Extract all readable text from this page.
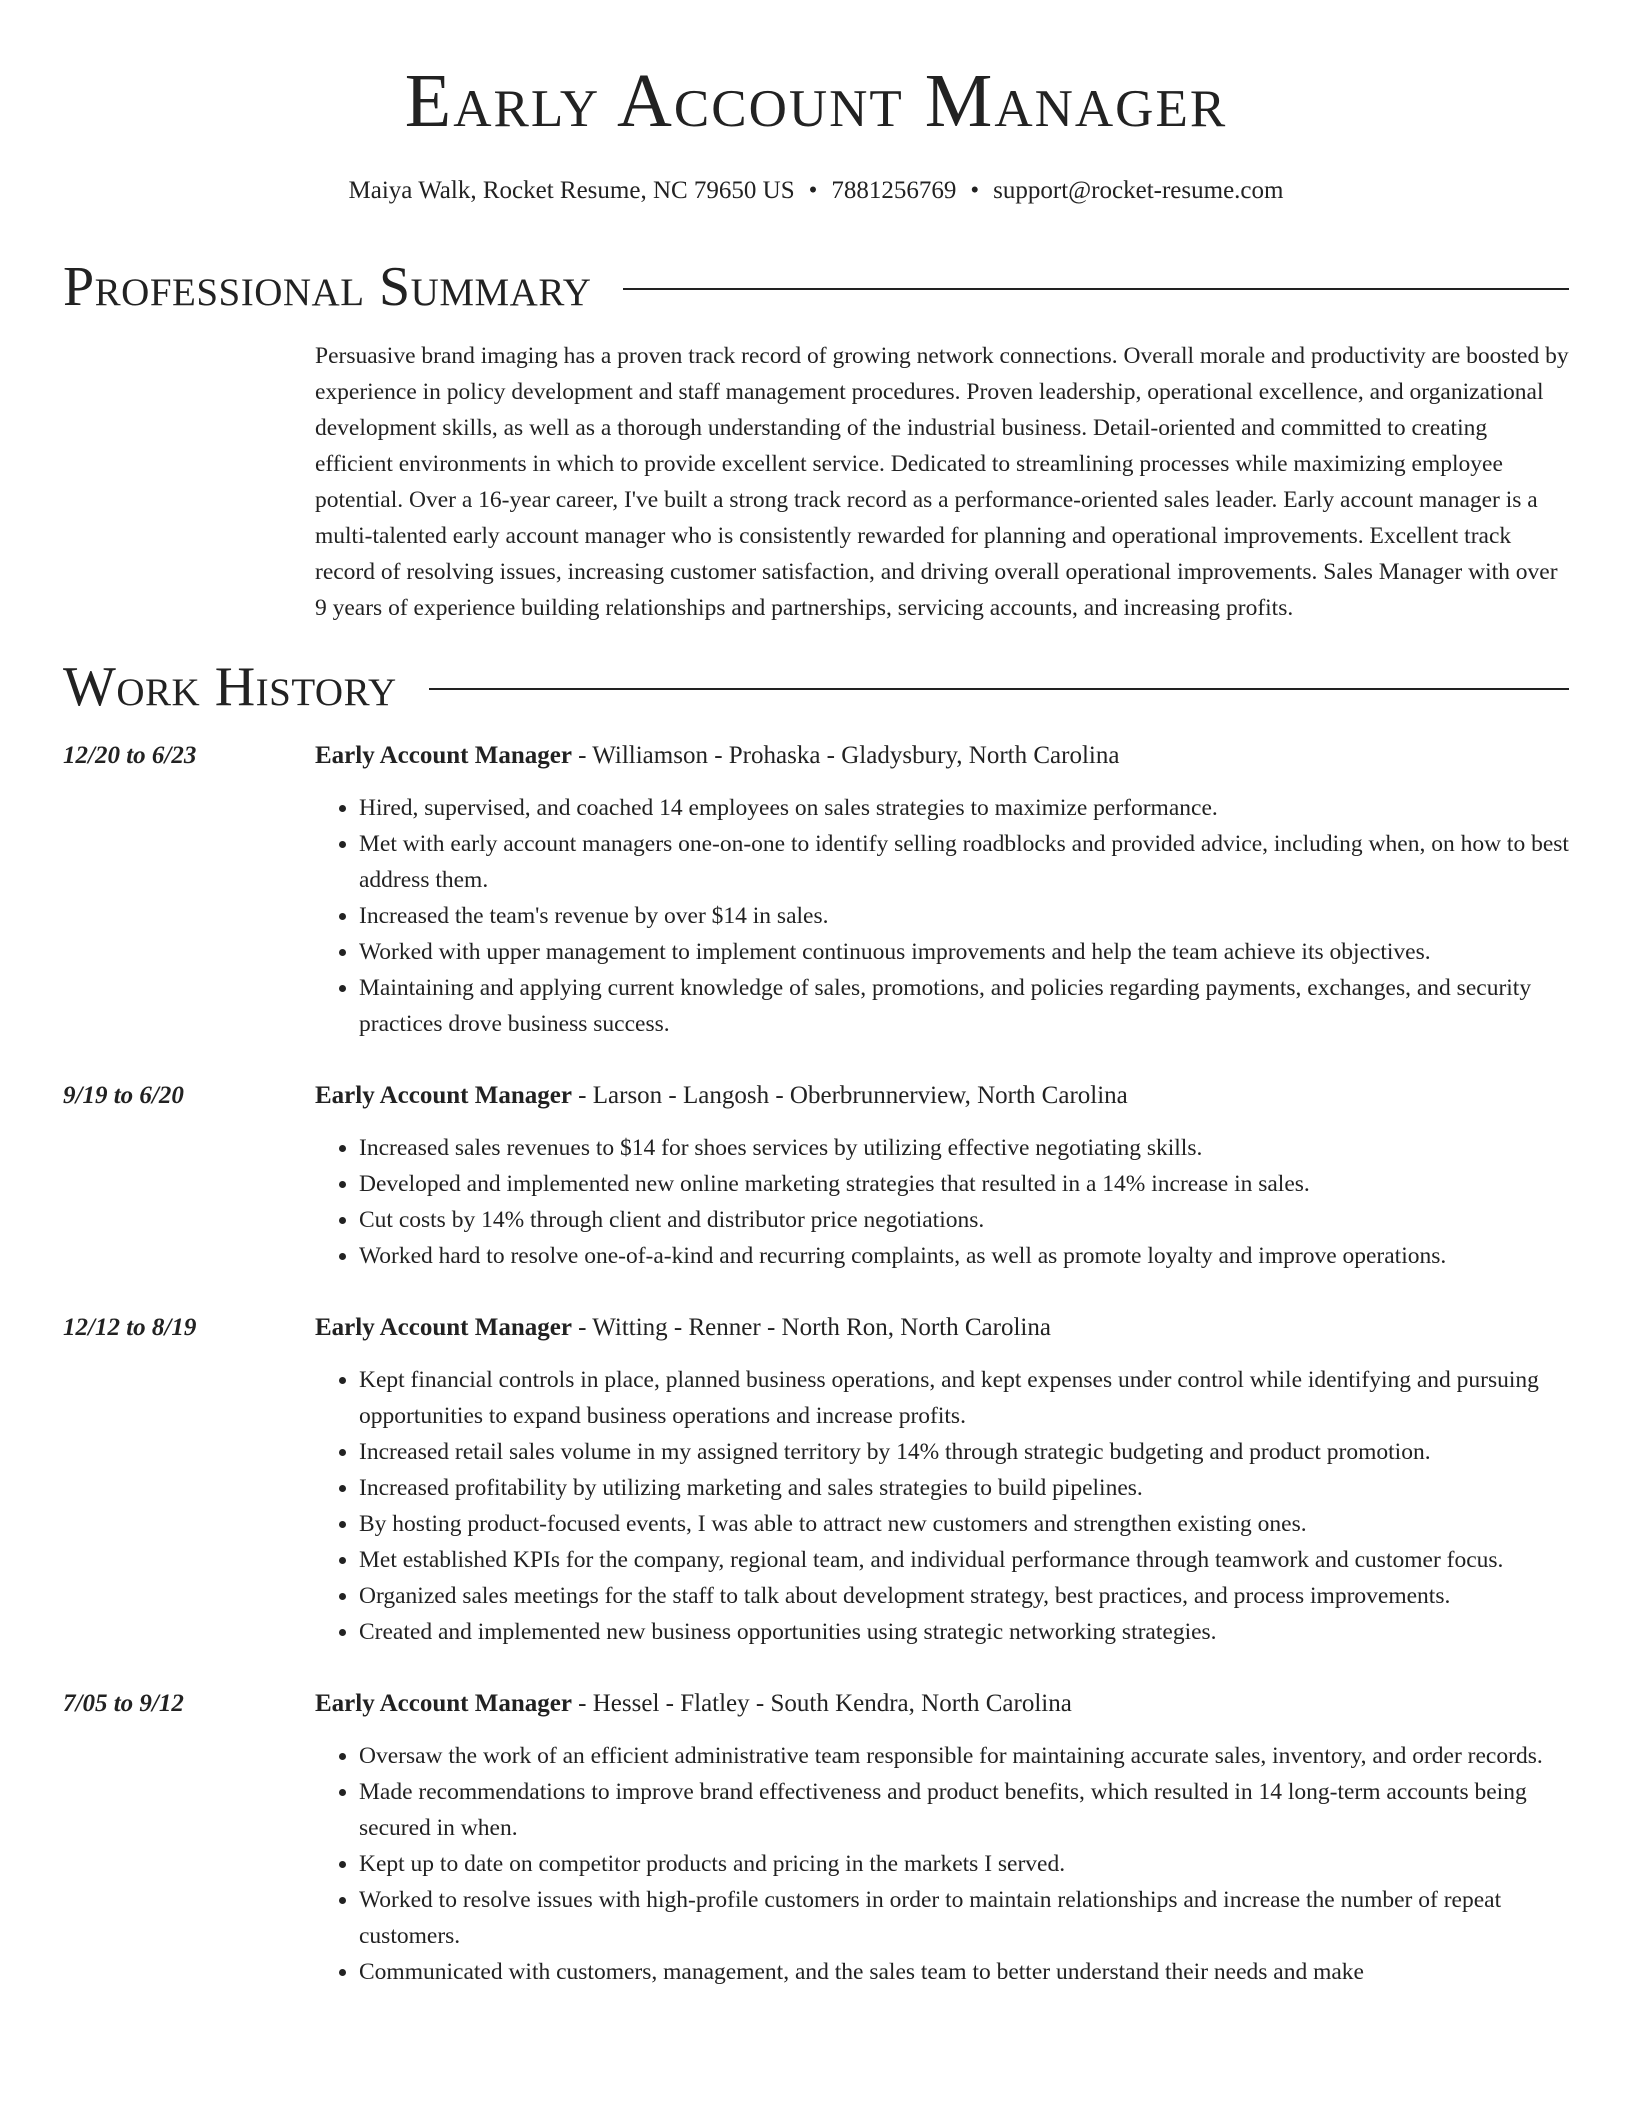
Early Account Manager
Maiya Walk, Rocket Resume, NC 79650 US • 7881256769 • support@rocket-resume.com
Professional Summary

Persuasive brand imaging has a proven track record of growing network connections. Overall morale and productivity are boosted by experience in policy development and staff management procedures. Proven leadership, operational excellence, and organizational development skills, as well as a thorough understanding of the industrial business. Detail-oriented and committed to creating efficient environments in which to provide excellent service. Dedicated to streamlining processes while maximizing employee potential. Over a 16-year career, I've built a strong track record as a performance-oriented sales leader. Early account manager is a multi-talented early account manager who is consistently rewarded for planning and operational improvements. Excellent track record of resolving issues, increasing customer satisfaction, and driving overall operational improvements. Sales Manager with over 9 years of experience building relationships and partnerships, servicing accounts, and increasing profits.

Work History
12/20 to 6/23	Early Account Manager - Williamson - Prohaska - Gladysbury, North Carolina
• Hired, supervised, and coached 14 employees on sales strategies to maximize performance.
• Met with early account managers one-on-one to identify selling roadblocks and provided advice, including when, on how to best address them.
• Increased the team's revenue by over $14 in sales.
• Worked with upper management to implement continuous improvements and help the team achieve its objectives.
• Maintaining and applying current knowledge of sales, promotions, and policies regarding payments, exchanges, and security practices drove business success.
9/19 to 6/20	Early Account Manager - Larson - Langosh - Oberbrunnerview, North Carolina
• Increased sales revenues to $14 for shoes services by utilizing effective negotiating skills.
• Developed and implemented new online marketing strategies that resulted in a 14% increase in sales.
• Cut costs by 14% through client and distributor price negotiations.
• Worked hard to resolve one-of-a-kind and recurring complaints, as well as promote loyalty and improve operations.
12/12 to 8/19	Early Account Manager - Witting - Renner - North Ron, North Carolina
• Kept financial controls in place, planned business operations, and kept expenses under control while identifying and pursuing opportunities to expand business operations and increase profits.
• Increased retail sales volume in my assigned territory by 14% through strategic budgeting and product promotion.
• Increased profitability by utilizing marketing and sales strategies to build pipelines.
• By hosting product-focused events, I was able to attract new customers and strengthen existing ones.
• Met established KPIs for the company, regional team, and individual performance through teamwork and customer focus.
• Organized sales meetings for the staff to talk about development strategy, best practices, and process improvements.
• Created and implemented new business opportunities using strategic networking strategies.
7/05 to 9/12	Early Account Manager - Hessel - Flatley - South Kendra, North Carolina
• Oversaw the work of an efficient administrative team responsible for maintaining accurate sales, inventory, and order records.
• Made recommendations to improve brand effectiveness and product benefits, which resulted in 14 long-term accounts being secured in when.
• Kept up to date on competitor products and pricing in the markets I served.
• Worked to resolve issues with high-profile customers in order to maintain relationships and increase the number of repeat customers.
• Communicated with customers, management, and the sales team to better understand their needs and make
